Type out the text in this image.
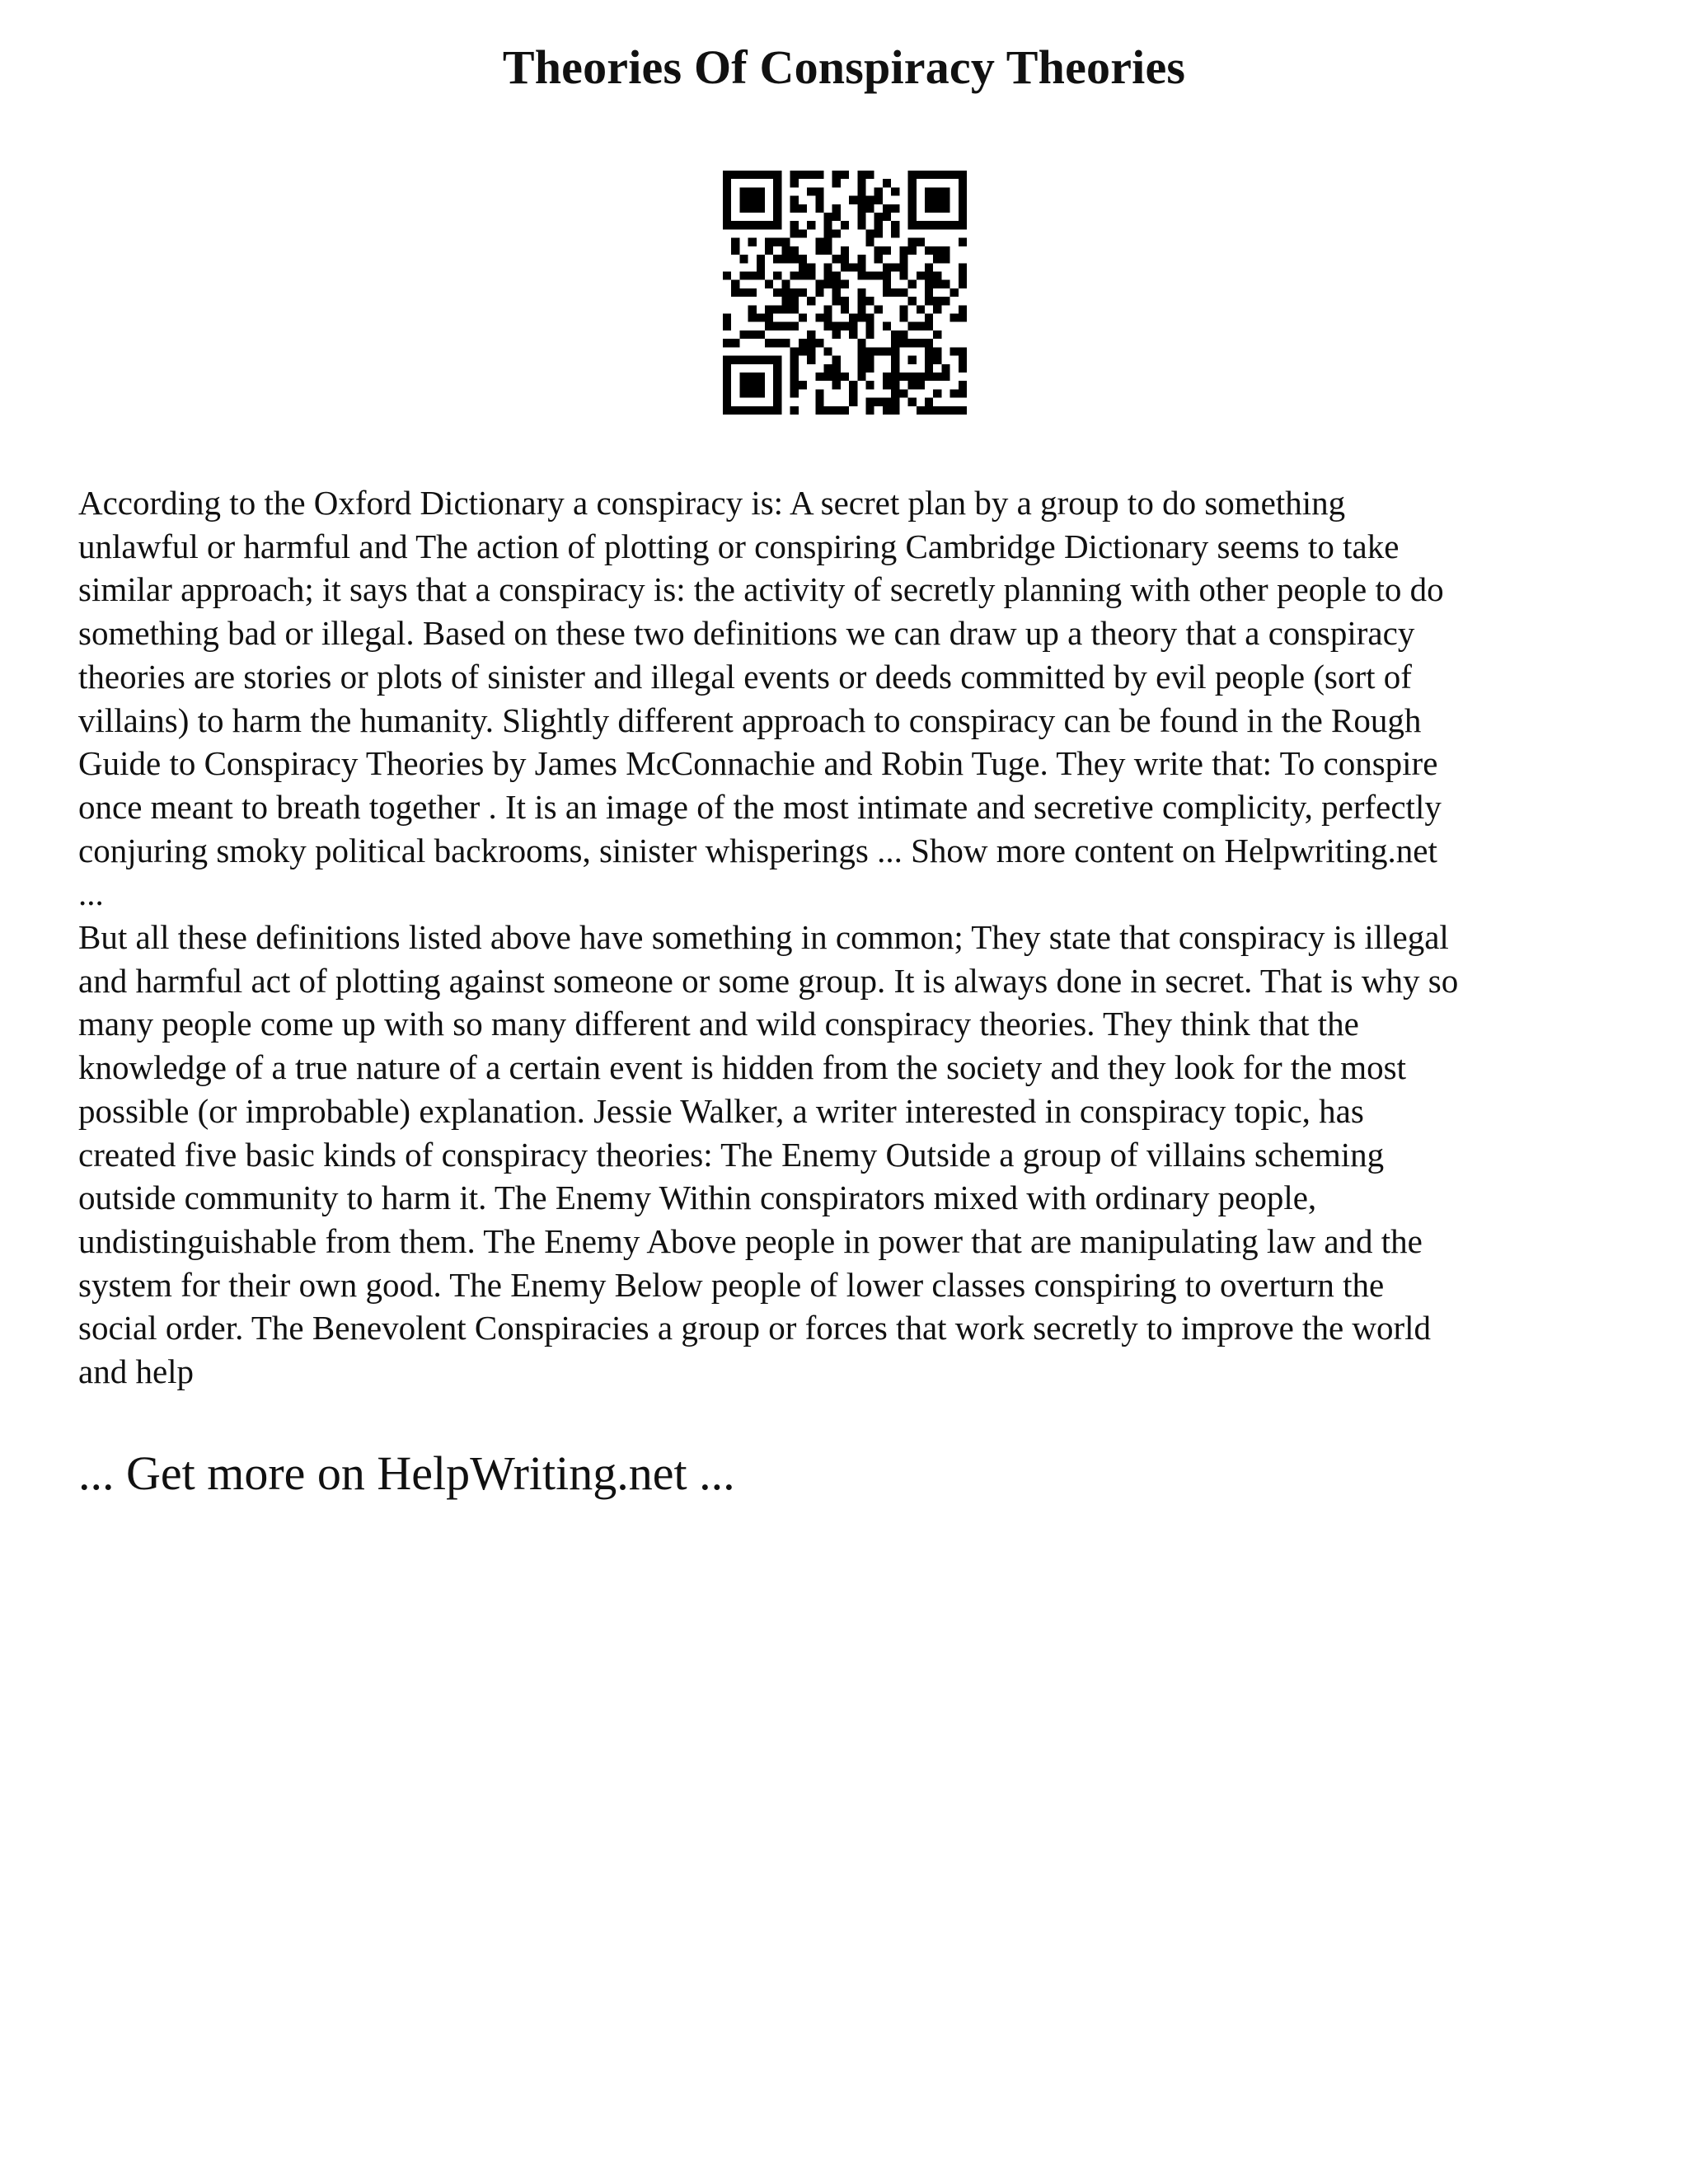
Theories Of Conspiracy Theories

According to the Oxford Dictionary a conspiracy is: A secret plan by a group to do something
unlawful or harmful and The action of plotting or conspiring Cambridge Dictionary seems to take
similar approach; it says that a conspiracy is: the activity of secretly planning with other people to do
something bad or illegal. Based on these two definitions we can draw up a theory that a conspiracy
theories are stories or plots of sinister and illegal events or deeds committed by evil people (sort of
villains) to harm the humanity. Slightly different approach to conspiracy can be found in the Rough
Guide to Conspiracy Theories by James McConnachie and Robin Tuge. They write that: To conspire
once meant to breath together . It is an image of the most intimate and secretive complicity, perfectly
conjuring smoky political backrooms, sinister whisperings ... Show more content on Helpwriting.net
...

But all these definitions listed above have something in common; They state that conspiracy is illegal
and harmful act of plotting against someone or some group. It is always done in secret. That is why so
many people come up with so many different and wild conspiracy theories. They think that the
knowledge of a true nature of a certain event is hidden from the society and they look for the most
possible (or improbable) explanation. Jessie Walker, a writer interested in conspiracy topic, has
created five basic kinds of conspiracy theories: The Enemy Outside a group of villains scheming
outside community to harm it. The Enemy Within conspirators mixed with ordinary people,
undistinguishable from them. The Enemy Above people in power that are manipulating law and the
system for their own good. The Enemy Below people of lower classes conspiring to overturn the
social order. The Benevolent Conspiracies a group or forces that work secretly to improve the world
and help

... Get more on HelpWriting.net ...
